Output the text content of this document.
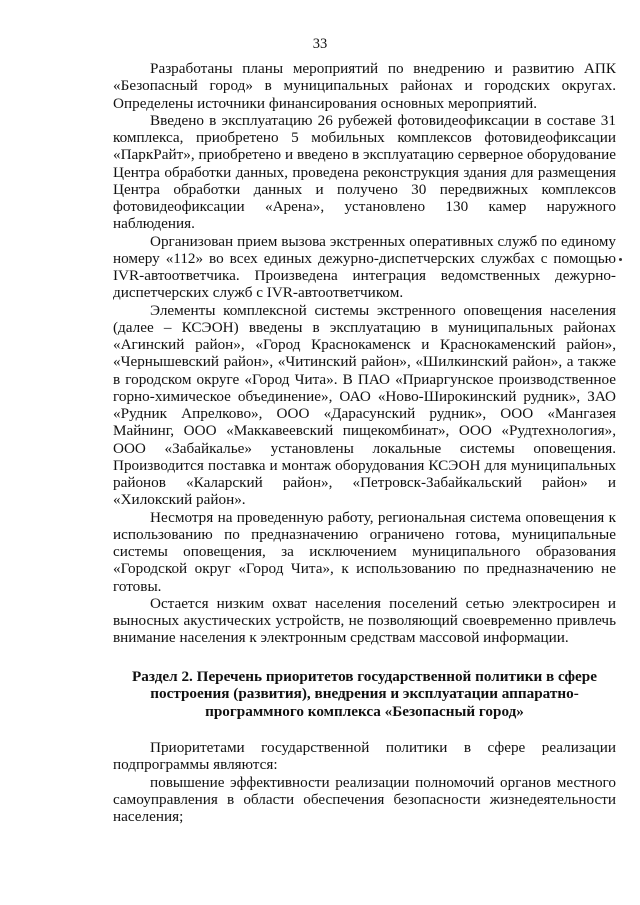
33

Разработаны планы мероприятий по внедрению и развитию АПК «Безопасный город» в муниципальных районах и городских округах. Определены источники финансирования основных мероприятий.

Введено в эксплуатацию 26 рубежей фотовидеофиксации в составе 31 комплекса, приобретено 5 мобильных комплексов фотовидеофиксации «ПаркРайт», приобретено и введено в эксплуатацию серверное оборудование Центра обработки данных, проведена реконструкция здания для размещения Центра обработки данных и получено 30 передвижных комплексов фотовидеофиксации «Арена», установлено 130 камер наружного наблюдения.

Организован прием вызова экстренных оперативных служб по единому номеру «112» во всех единых дежурно-диспетчерских службах с помощью IVR-автоответчика. Произведена интеграция ведомственных дежурно-диспетчерских служб с IVR-автоответчиком.

Элементы комплексной системы экстренного оповещения населения (далее – КСЭОН) введены в эксплуатацию в муниципальных районах «Агинский район», «Город Краснокаменск и Краснокаменский район», «Чернышевский район», «Читинский район», «Шилкинский район», а также в городском округе «Город Чита». В ПАО «Приаргунское производственное горно-химическое объединение», ОАО «Ново-Широкинский рудник», ЗАО «Рудник Апрелково», ООО «Дарасунский рудник», ООО «Мангазея Майнинг, ООО «Маккавеевский пищекомбинат», ООО «Рудтехнология», ООО «Забайкалье» установлены локальные системы оповещения. Производится поставка и монтаж оборудования КСЭОН для муниципальных районов «Каларский район», «Петровск-Забайкальский район» и «Хилокский район».

Несмотря на проведенную работу, региональная система оповещения к использованию по предназначению ограничено готова, муниципальные системы оповещения, за исключением муниципального образования «Городской округ «Город Чита», к использованию по предназначению не готовы.

Остается низким охват населения поселений сетью электросирен и выносных акустических устройств, не позволяющий своевременно привлечь внимание населения к электронным средствам массовой информации.

Раздел 2. Перечень приоритетов государственной политики в сфере построения (развития), внедрения и эксплуатации аппаратно-программного комплекса «Безопасный город»

Приоритетами государственной политики в сфере реализации подпрограммы являются:

повышение эффективности реализации полномочий органов местного самоуправления в области обеспечения безопасности жизнедеятельности населения;
